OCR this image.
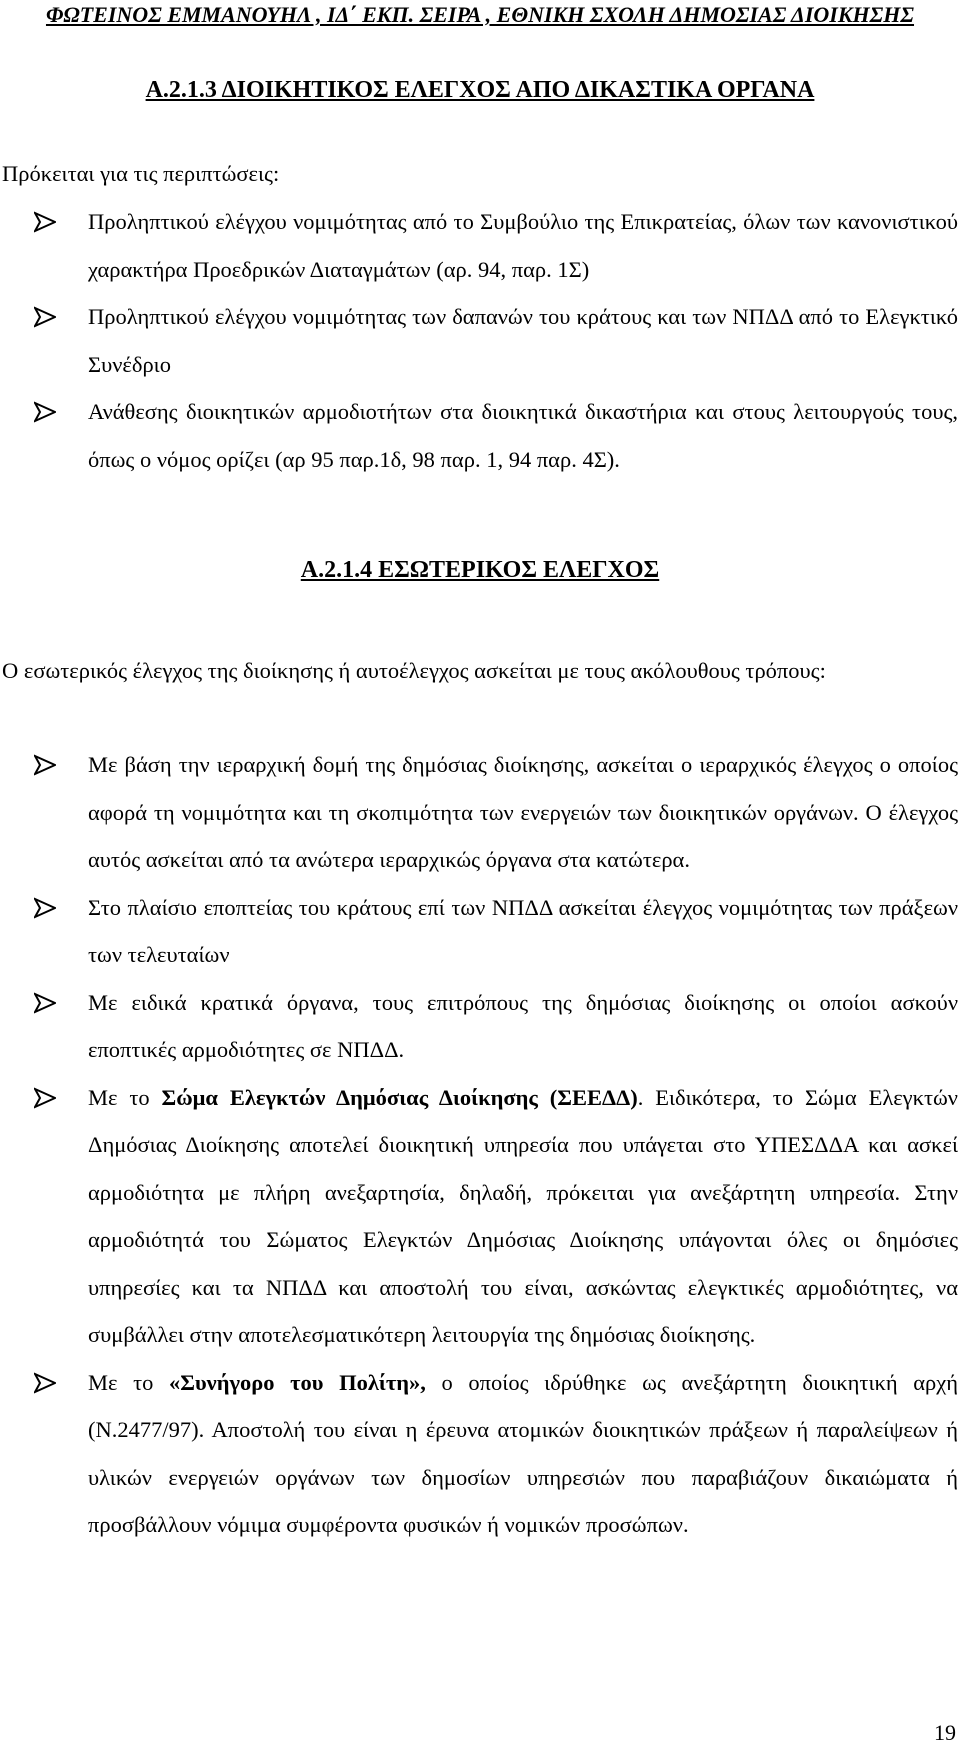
ΦΩΤΕΙΝΟΣ ΕΜΜΑΝΟΥΗΛ , ΙΔ΄ ΕΚΠ. ΣΕΙΡΑ , ΕΘΝΙΚΗ ΣΧΟΛΗ ΔΗΜΟΣΙΑΣ ΔΙΟΙΚΗΣΗΣ
Α.2.1.3 ΔΙΟΙΚΗΤΙΚΟΣ ΕΛΕΓΧΟΣ ΑΠΟ ΔΙΚΑΣΤΙΚΑ ΟΡΓΑΝΑ
Πρόκειται για τις περιπτώσεις:
Προληπτικού ελέγχου νομιμότητας από το Συμβούλιο της Επικρατείας, όλων των κανονιστικού χαρακτήρα Προεδρικών Διαταγμάτων (αρ. 94, παρ. 1Σ)
Προληπτικού ελέγχου νομιμότητας των δαπανών του κράτους και των ΝΠΔΔ από το Ελεγκτικό Συνέδριο
Ανάθεσης διοικητικών αρμοδιοτήτων στα διοικητικά δικαστήρια και στους λειτουργούς τους, όπως ο νόμος ορίζει (αρ 95 παρ.1δ, 98 παρ. 1, 94 παρ. 4Σ).
Α.2.1.4 ΕΣΩΤΕΡΙΚΟΣ ΕΛΕΓΧΟΣ
Ο εσωτερικός έλεγχος της διοίκησης ή αυτοέλεγχος ασκείται με τους ακόλουθους τρόπους:
Με βάση την ιεραρχική δομή της δημόσιας διοίκησης, ασκείται ο ιεραρχικός έλεγχος ο οποίος αφορά τη νομιμότητα και τη σκοπιμότητα των ενεργειών των διοικητικών οργάνων. Ο έλεγχος αυτός ασκείται από τα ανώτερα ιεραρχικώς όργανα στα κατώτερα.
Στο πλαίσιο εποπτείας του κράτους επί των ΝΠΔΔ ασκείται έλεγχος νομιμότητας των πράξεων των τελευταίων
Με ειδικά κρατικά όργανα, τους επιτρόπους της δημόσιας διοίκησης οι οποίοι ασκούν εποπτικές αρμοδιότητες σε ΝΠΔΔ.
Με το Σώμα Ελεγκτών Δημόσιας Διοίκησης (ΣΕΕΔΔ). Ειδικότερα, το Σώμα Ελεγκτών Δημόσιας Διοίκησης αποτελεί διοικητική υπηρεσία που υπάγεται στο ΥΠΕΣΔΔΑ και ασκεί αρμοδιότητα με πλήρη ανεξαρτησία, δηλαδή, πρόκειται για ανεξάρτητη υπηρεσία. Στην αρμοδιότητά του Σώματος Ελεγκτών Δημόσιας Διοίκησης υπάγονται όλες οι δημόσιες υπηρεσίες και τα ΝΠΔΔ και αποστολή του είναι, ασκώντας ελεγκτικές αρμοδιότητες, να συμβάλλει στην αποτελεσματικότερη λειτουργία της δημόσιας διοίκησης.
Με το «Συνήγορο του Πολίτη», ο οποίος ιδρύθηκε ως ανεξάρτητη διοικητική αρχή (Ν.2477/97). Αποστολή του είναι η έρευνα ατομικών διοικητικών πράξεων ή παραλείψεων ή υλικών ενεργειών οργάνων των δημοσίων υπηρεσιών που παραβιάζουν δικαιώματα ή προσβάλλουν νόμιμα συμφέροντα φυσικών ή νομικών προσώπων.
19
